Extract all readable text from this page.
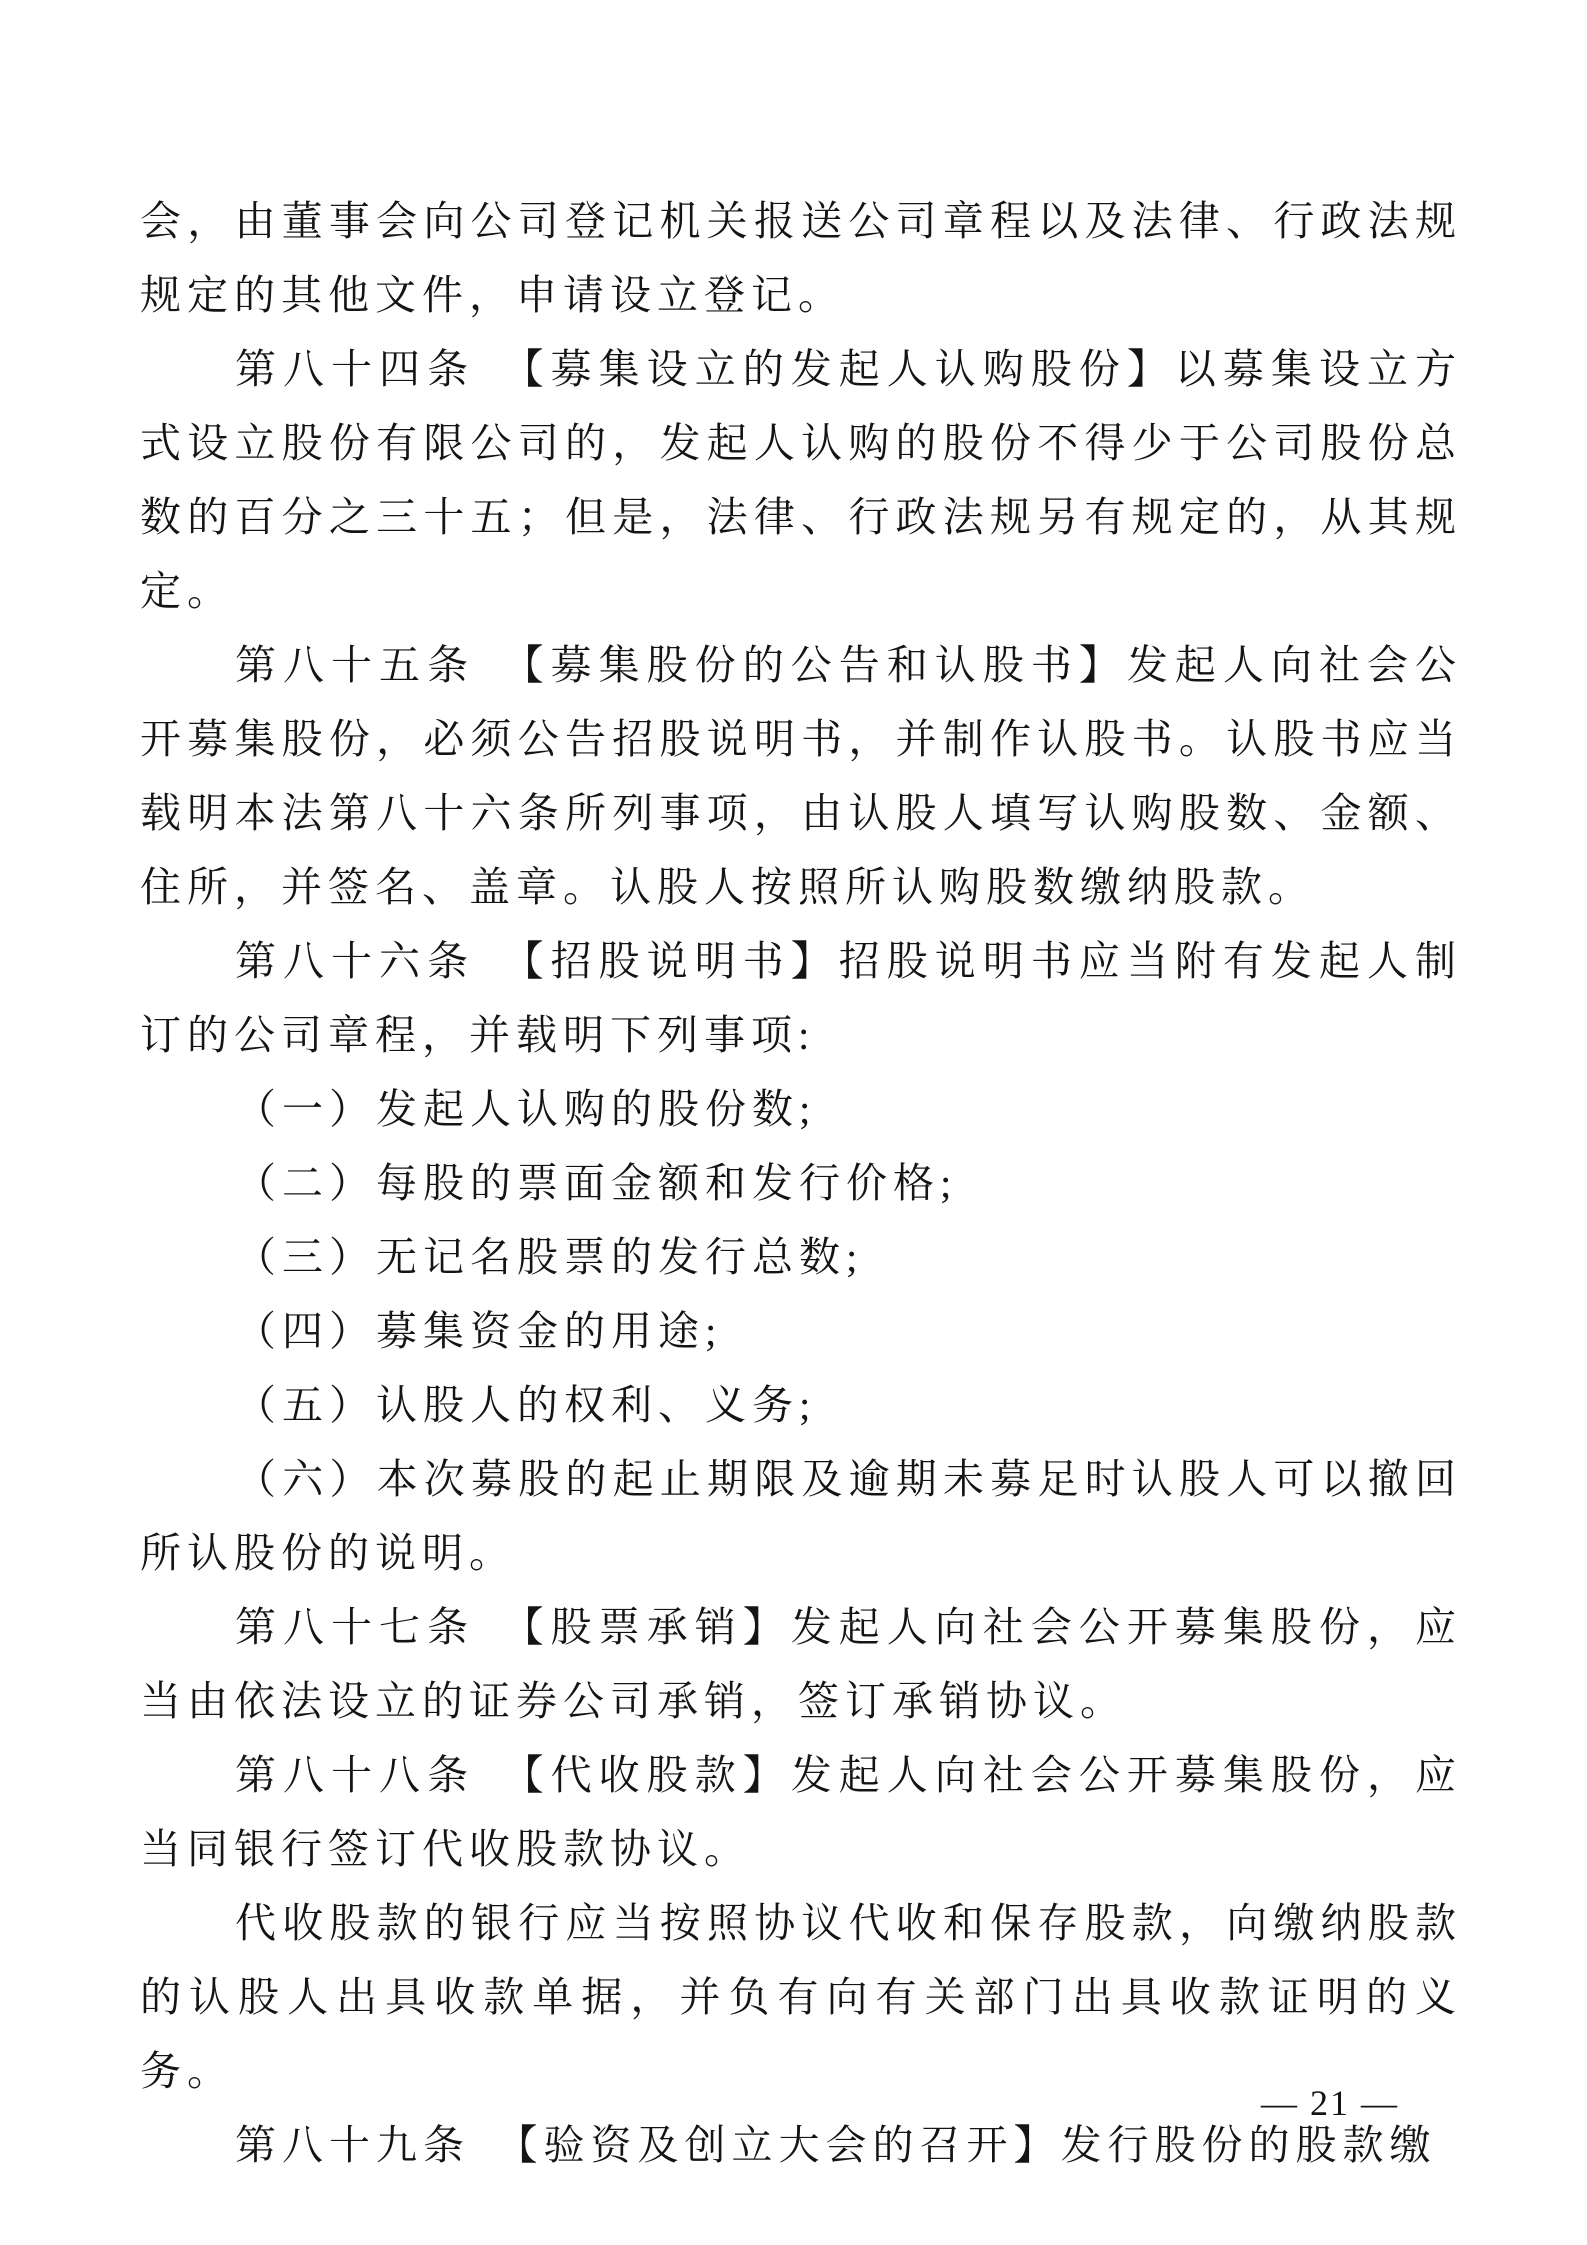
会，由董事会向公司登记机关报送公司章程以及法律、行政法规规定的其他文件，申请设立登记。

第八十四条　【募集设立的发起人认购股份】以募集设立方式设立股份有限公司的，发起人认购的股份不得少于公司股份总数的百分之三十五；但是，法律、行政法规另有规定的，从其规定。

第八十五条　【募集股份的公告和认股书】发起人向社会公开募集股份，必须公告招股说明书，并制作认股书。认股书应当载明本法第八十六条所列事项，由认股人填写认购股数、金额、住所，并签名、盖章。认股人按照所认购股数缴纳股款。

第八十六条　【招股说明书】招股说明书应当附有发起人制订的公司章程，并载明下列事项:

（一）发起人认购的股份数;

（二）每股的票面金额和发行价格;

（三）无记名股票的发行总数;

（四）募集资金的用途;

（五）认股人的权利、义务;

（六）本次募股的起止期限及逾期未募足时认股人可以撤回所认股份的说明。

第八十七条　【股票承销】发起人向社会公开募集股份，应当由依法设立的证券公司承销，签订承销协议。

第八十八条　【代收股款】发起人向社会公开募集股份，应当同银行签订代收股款协议。

代收股款的银行应当按照协议代收和保存股款，向缴纳股款的认股人出具收款单据，并负有向有关部门出具收款证明的义务。

第八十九条　【验资及创立大会的召开】发行股份的股款缴

— 21 —
